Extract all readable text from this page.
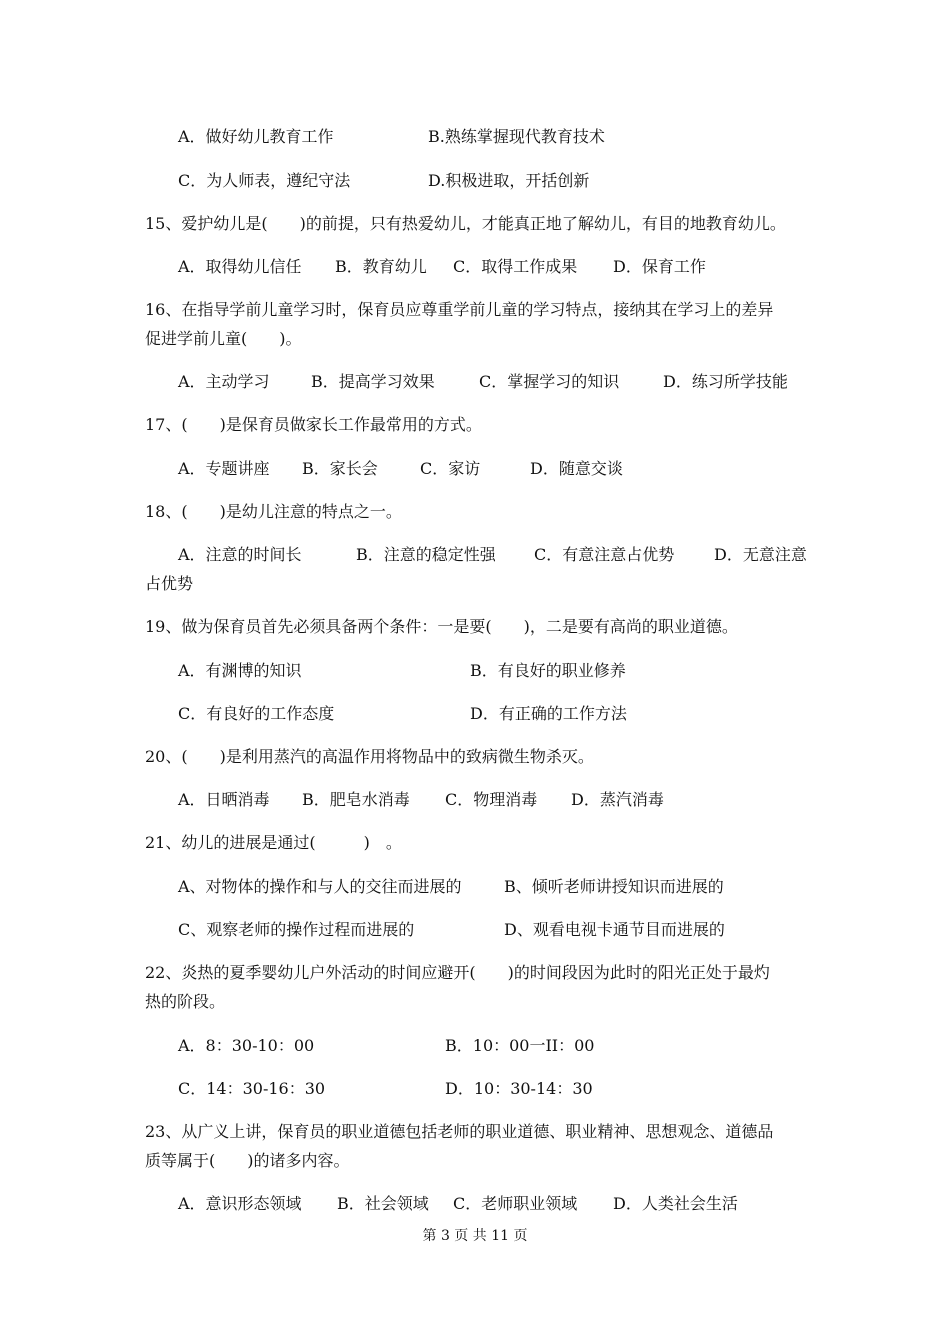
A．做好幼儿教育工作	B.熟练掌握现代教育技术
C．为人师表，遵纪守法	D.积极进取，开括创新
15、爱护幼儿是(　　)的前提，只有热爱幼儿，才能真正地了解幼儿，有目的地教育幼儿。
A．取得幼儿信任 B．教育幼儿 C．取得工作成果 D．保育工作
16、在指导学前儿童学习时，保育员应尊重学前儿童的学习特点，接纳其在学习上的差异
促进学前儿童(　　)。
A．主动学习	B．提高学习效果	C．掌握学习的知识	D．练习所学技能
17、(　　)是保育员做家长工作最常用的方式。
A．专题讲座 B．家长会	C．家访	D．随意交谈
18、(　　)是幼儿注意的特点之一。
A．注意的时间长	B．注意的稳定性强 C．有意注意占优势 D．无意注意
占优势
19、做为保育员首先必须具备两个条件：一是要(　　)，二是要有高尚的职业道德。
A．有渊博的知识	B．有良好的职业修养
C．有良好的工作态度	D．有正确的工作方法
20、(　　)是利用蒸汽的高温作用将物品中的致病微生物杀灭。
A．日晒消毒 B．肥皂水消毒 C．物理消毒 D．蒸汽消毒
21、幼儿的进展是通过(　　　)　。
A、对物体的操作和与人的交往而进展的	B、倾听老师讲授知识而进展的
C、观察老师的操作过程而进展的	D、观看电视卡通节目而进展的
22、炎热的夏季婴幼儿户外活动的时间应避开(　　)的时间段因为此时的阳光正处于最灼
热的阶段。
A．8：30-10：00	B．10：00一II：00
C．14：30-16：30	D．10：30-14：30
23、从广义上讲，保育员的职业道德包括老师的职业道德、职业精神、思想观念、道德品
质等属于(　　)的诸多内容。
A．意识形态领域 B．社会领域 C．老师职业领域 D．人类社会生活
第 3 页 共 11 页
